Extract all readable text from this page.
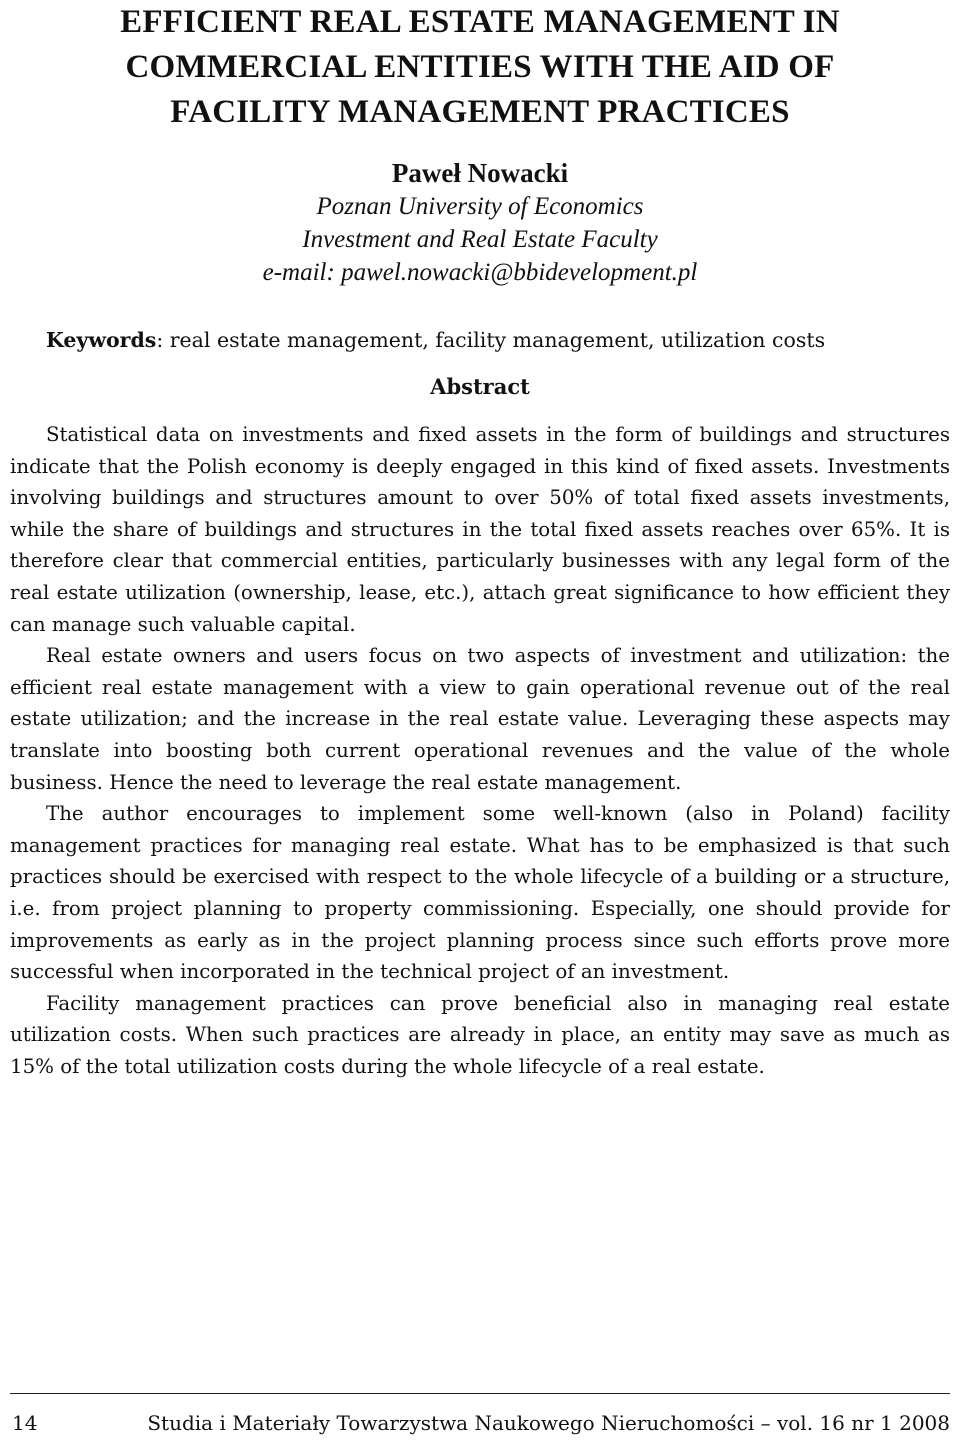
EFFICIENT REAL ESTATE MANAGEMENT IN COMMERCIAL ENTITIES WITH THE AID OF FACILITY MANAGEMENT PRACTICES
Paweł Nowacki
Poznan University of Economics
Investment and Real Estate Faculty
e-mail: pawel.nowacki@bbidevelopment.pl
Keywords: real estate management, facility management, utilization costs
Abstract

Statistical data on investments and fixed assets in the form of buildings and structures indicate that the Polish economy is deeply engaged in this kind of fixed assets. Investments involving buildings and structures amount to over 50% of total fixed assets investments, while the share of buildings and structures in the total fixed assets reaches over 65%. It is therefore clear that commercial entities, particularly businesses with any legal form of the real estate utilization (ownership, lease, etc.), attach great significance to how efficient they can manage such valuable capital.

Real estate owners and users focus on two aspects of investment and utilization: the efficient real estate management with a view to gain operational revenue out of the real estate utilization; and the increase in the real estate value. Leveraging these aspects may translate into boosting both current operational revenues and the value of the whole business. Hence the need to leverage the real estate management.

The author encourages to implement some well-known (also in Poland) facility management practices for managing real estate. What has to be emphasized is that such practices should be exercised with respect to the whole lifecycle of a building or a structure, i.e. from project planning to property commissioning. Especially, one should provide for improvements as early as in the project planning process since such efforts prove more successful when incorporated in the technical project of an investment.

Facility management practices can prove beneficial also in managing real estate utilization costs. When such practices are already in place, an entity may save as much as 15% of the total utilization costs during the whole lifecycle of a real estate.

14	Studia i Materiały Towarzystwa Naukowego Nieruchomości – vol. 16 nr 1 2008
